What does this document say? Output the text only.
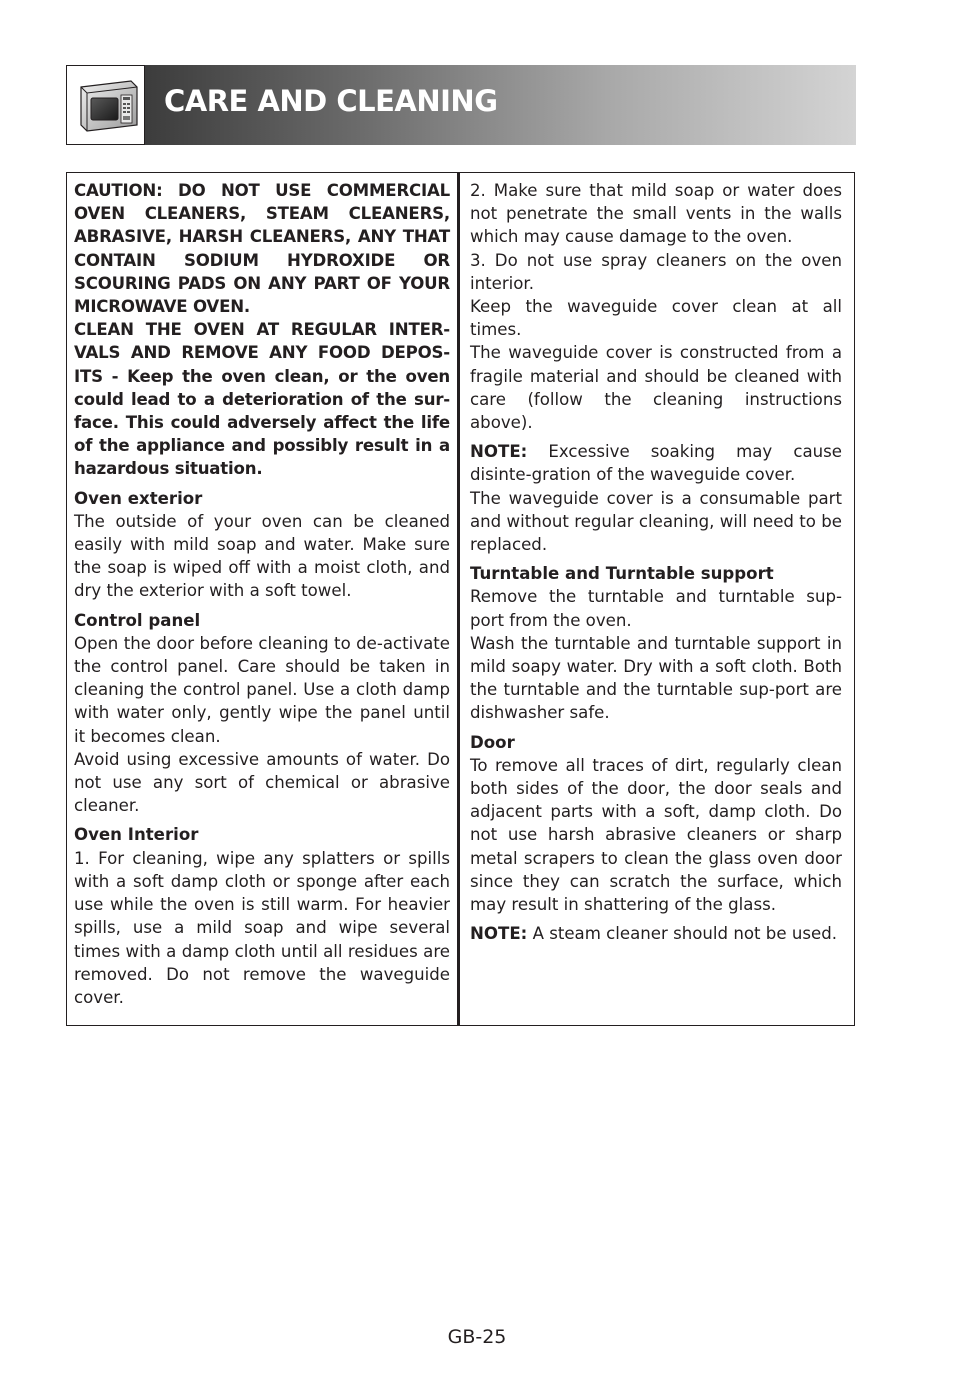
CARE AND CLEANING

CAUTION: DO NOT USE COMMERCIAL OVEN CLEANERS, STEAM CLEANERS, ABRASIVE, HARSH CLEANERS, ANY THAT CONTAIN SODIUM HYDROXIDE OR SCOURING PADS ON ANY PART OF YOUR MICROWAVE OVEN.

CLEAN THE OVEN AT REGULAR INTER-VALS AND REMOVE ANY FOOD DEPOS-ITS - Keep the oven clean, or the oven could lead to a deterioration of the sur-face. This could adversely affect the life of the appliance and possibly result in a hazardous situation.

Oven exterior

The outside of your oven can be cleaned easily with mild soap and water. Make sure the soap is wiped off with a moist cloth, and dry the exterior with a soft towel.

Control panel

Open the door before cleaning to de-activate the control panel. Care should be taken in cleaning the control panel. Use a cloth damp with water only, gently wipe the panel until it becomes clean.

Avoid using excessive amounts of water. Do not use any sort of chemical or abrasive cleaner.

Oven Interior

1. For cleaning, wipe any splatters or spills with a soft damp cloth or sponge after each use while the oven is still warm. For heavier spills, use a mild soap and wipe several times with a damp cloth until all residues are removed. Do not remove the waveguide cover.

2. Make sure that mild soap or water does not penetrate the small vents in the walls which may cause damage to the oven.

3. Do not use spray cleaners on the oven interior.

Keep the waveguide cover clean at all times.

The waveguide cover is constructed from a fragile material and should be cleaned with care (follow the cleaning instructions above).

NOTE: Excessive soaking may cause disinte-gration of the waveguide cover.

The waveguide cover is a consumable part and without regular cleaning, will need to be replaced.

Turntable and Turntable support

Remove the turntable and turntable sup-port from the oven.

Wash the turntable and turntable support in mild soapy water. Dry with a soft cloth. Both the turntable and the turntable sup-port are dishwasher safe.

Door

To remove all traces of dirt, regularly clean both sides of the door, the door seals and adjacent parts with a soft, damp cloth. Do not use harsh abrasive cleaners or sharp metal scrapers to clean the glass oven door since they can scratch the surface, which may result in shattering of the glass.

NOTE: A steam cleaner should not be used.

GB-25
